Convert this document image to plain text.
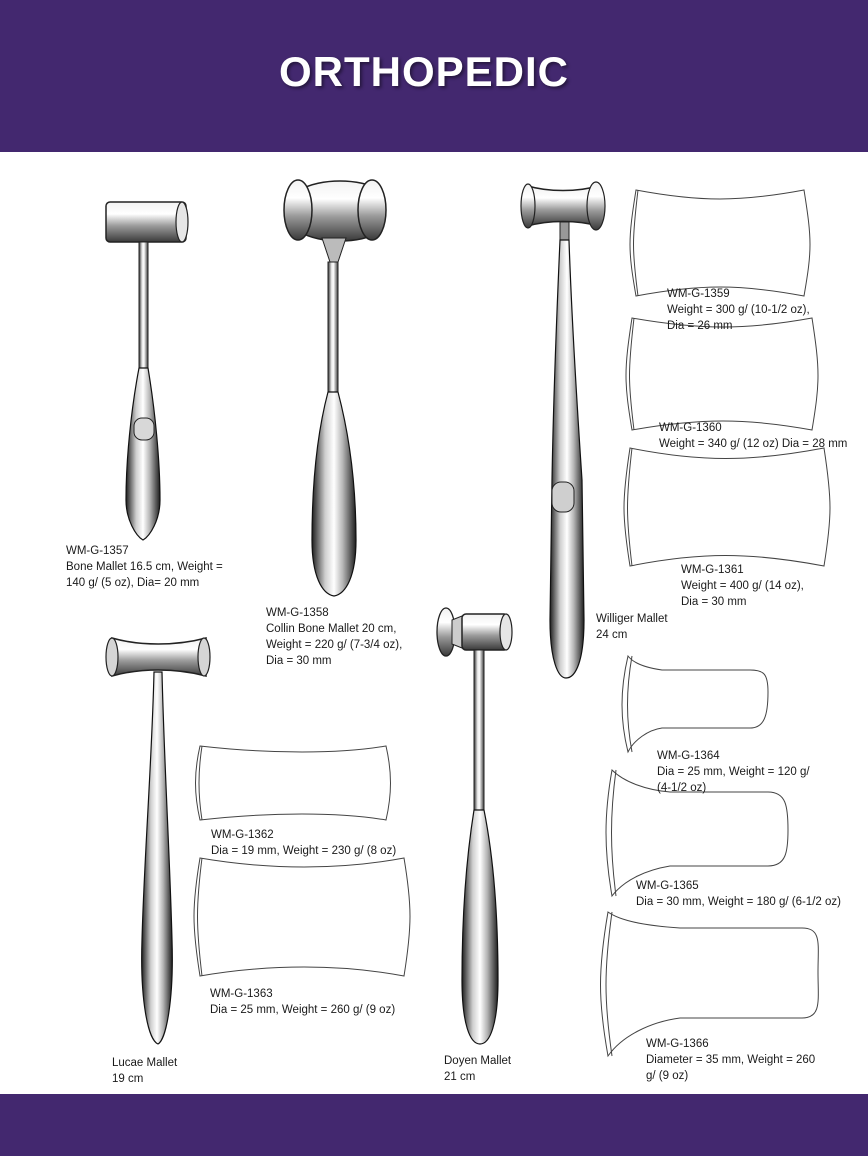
ORTHOPEDIC
WM-G-1357
Bone Mallet 16.5 cm, Weight =
140 g/ (5 oz), Dia= 20 mm
WM-G-1358
Collin Bone Mallet 20 cm,
Weight = 220 g/ (7-3/4 oz),
Dia = 30 mm
WM-G-1359
Weight = 300 g/ (10-1/2 oz),
Dia = 26 mm
WM-G-1360
Weight = 340 g/ (12 oz) Dia = 28 mm
WM-G-1361
Weight = 400 g/ (14 oz),
Dia = 30 mm
Williger Mallet
24 cm
WM-G-1362
Dia = 19 mm, Weight = 230 g/ (8 oz)
WM-G-1363
Dia = 25 mm, Weight = 260 g/ (9 oz)
Lucae Mallet
19 cm
Doyen Mallet
21 cm
WM-G-1364
Dia = 25 mm, Weight = 120 g/
(4-1/2 oz)
WM-G-1365
Dia = 30 mm, Weight = 180 g/ (6-1/2 oz)
WM-G-1366
Diameter = 35 mm, Weight = 260
g/ (9 oz)
